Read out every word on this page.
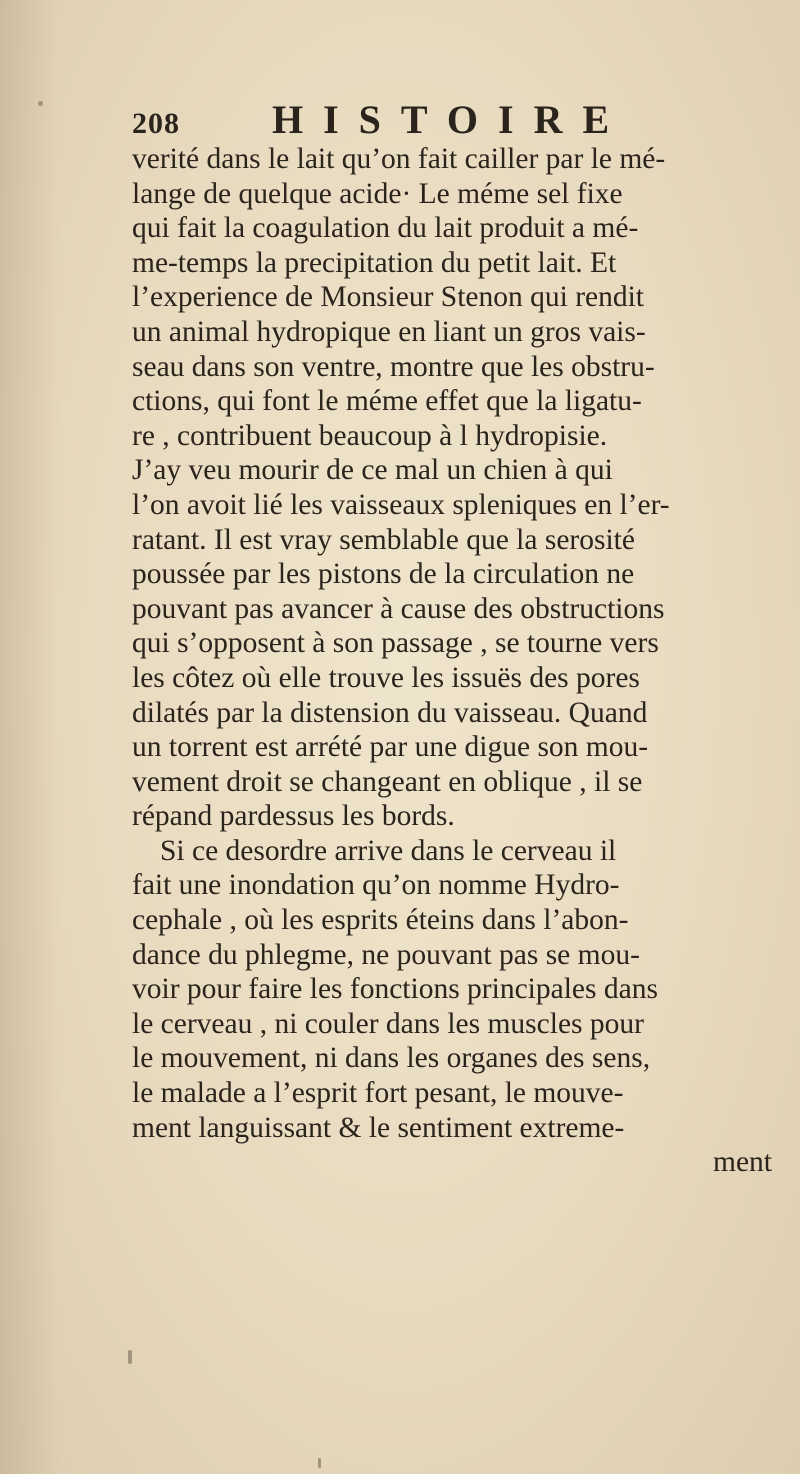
208	HISTOIRE
verité dans le lait qu’on fait cailler par le mé-
lange de quelque acide· Le méme sel fixe
qui fait la coagulation du lait produit a mé-
me-temps la precipitation du petit lait. Et
l’experience de Monsieur Stenon qui rendit
un animal hydropique en liant un gros vais-
seau dans son ventre, montre que les obstru-
ctions, qui font le méme effet que la ligatu-
re , contribuent beaucoup à l hydropisie.
J’ay veu mourir de ce mal un chien à qui
l’on avoit lié les vaisseaux spleniques en l’er-
ratant. Il est vray semblable que la serosité
poussée par les pistons de la circulation ne
pouvant pas avancer à cause des obstructions
qui s’opposent à son passage , se tourne vers
les côtez où elle trouve les issuës des pores
dilatés par la distension du vaisseau. Quand
un torrent est arrété par une digue son mou-
vement droit se changeant en oblique , il se
répand pardessus les bords.
Si ce desordre arrive dans le cerveau il
fait une inondation qu’on nomme Hydro-
cephale , où les esprits éteins dans l’abon-
dance du phlegme, ne pouvant pas se mou-
voir pour faire les fonctions principales dans
le cerveau , ni couler dans les muscles pour
le mouvement, ni dans les organes des sens,
le malade a l’esprit fort pesant, le mouve-
ment languissant & le sentiment extreme-
ment
